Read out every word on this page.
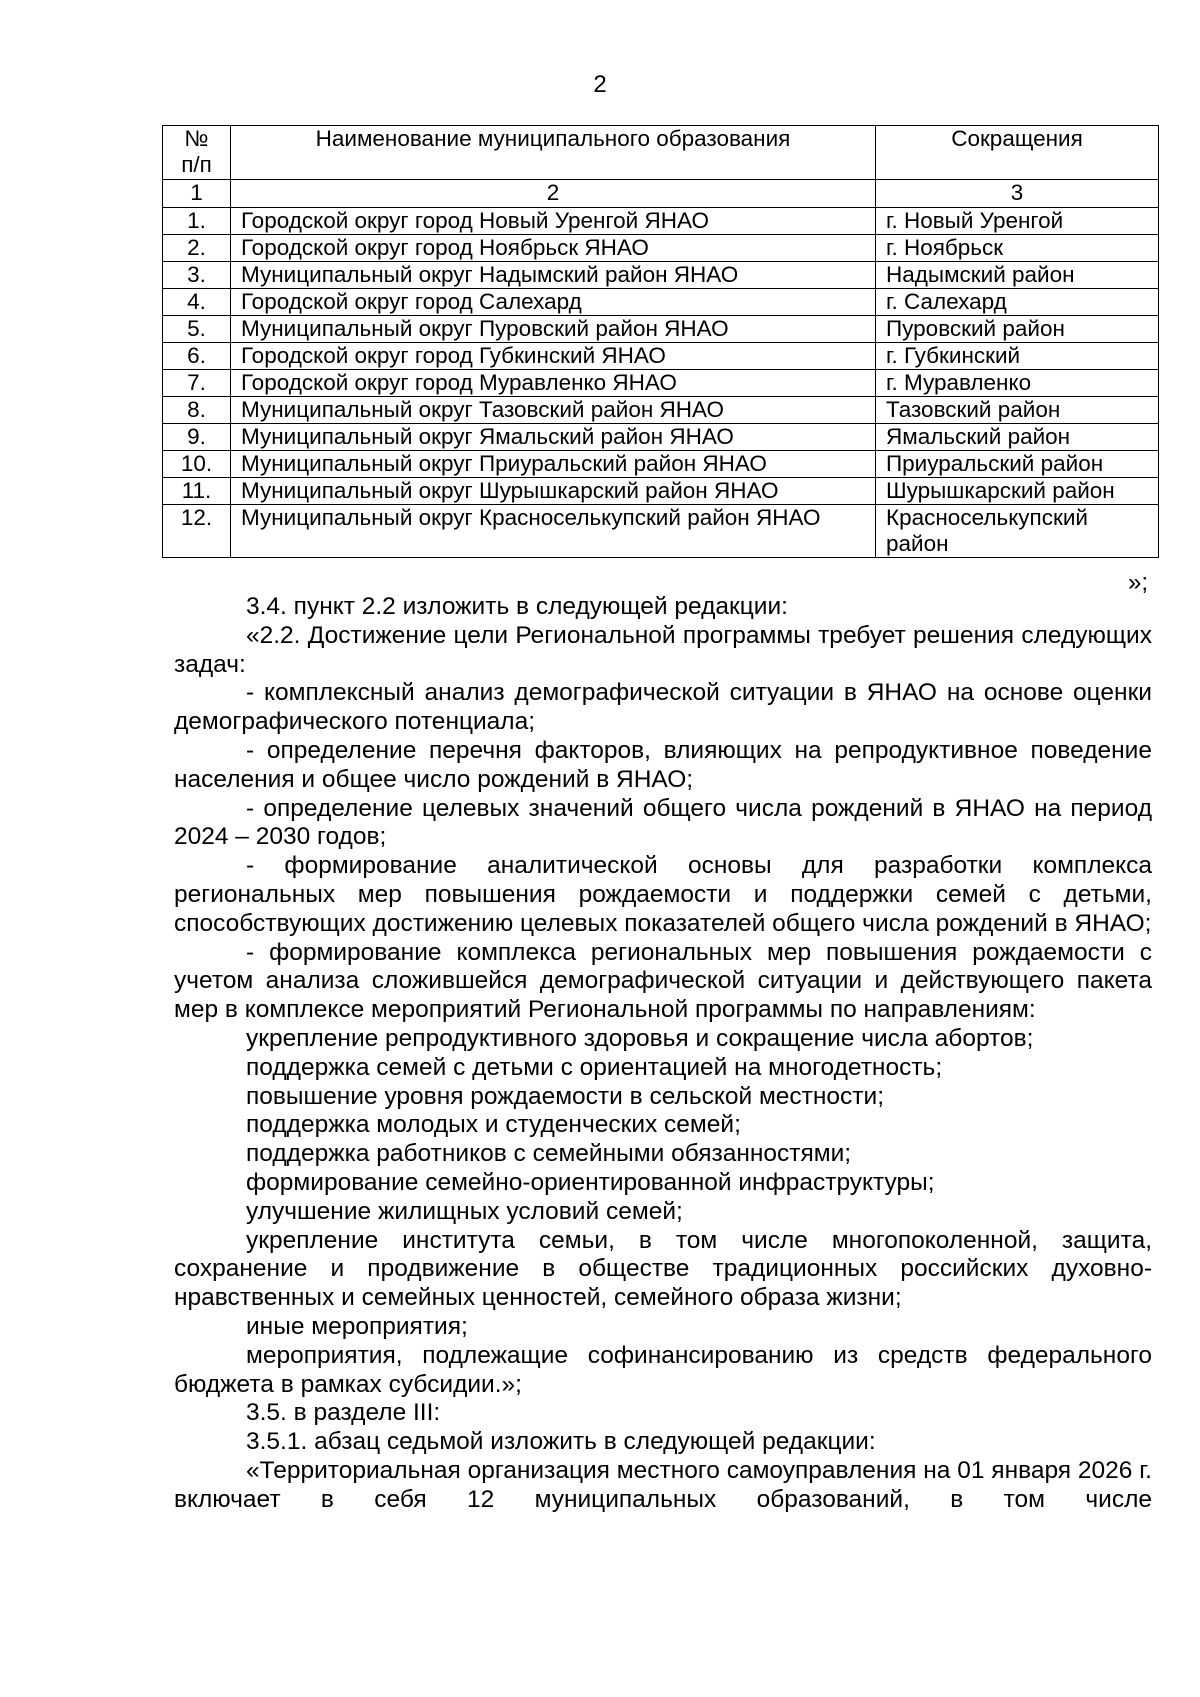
2
№
п/п	Наименование муниципального образования	Сокращения
1	2	3
1.	Городской округ город Новый Уренгой ЯНАО	г. Новый Уренгой
2.	Городской округ город Ноябрьск ЯНАО	г. Ноябрьск
3.	Муниципальный округ Надымский район ЯНАО	Надымский район
4.	Городской округ город Салехард	г. Салехард
5.	Муниципальный округ Пуровский район ЯНАО	Пуровский район
6.	Городской округ город Губкинский ЯНАО	г. Губкинский
7.	Городской округ город Муравленко ЯНАО	г. Муравленко
8.	Муниципальный округ Тазовский район ЯНАО	Тазовский район
9.	Муниципальный округ Ямальский район ЯНАО	Ямальский район
10.	Муниципальный округ Приуральский район ЯНАО	Приуральский район
11.	Муниципальный округ Шурышкарский район ЯНАО	Шурышкарский район
12.	Муниципальный округ Красноселькупский район ЯНАО	Красноселькупский район
»;

3.4. пункт 2.2 изложить в следующей редакции:

«2.2. Достижение цели Региональной программы требует решения следующих задач:

- комплексный анализ демографической ситуации в ЯНАО на основе оценки демографического потенциала;

- определение перечня факторов, влияющих на репродуктивное поведение населения и общее число рождений в ЯНАО;

- определение целевых значений общего числа рождений в ЯНАО на период 2024 – 2030 годов;

- формирование аналитической основы для разработки комплекса региональных мер повышения рождаемости и поддержки семей с детьми, способствующих достижению целевых показателей общего числа рождений в ЯНАО;

- формирование комплекса региональных мер повышения рождаемости с учетом анализа сложившейся демографической ситуации и действующего пакета мер в комплексе мероприятий Региональной программы по направлениям:

укрепление репродуктивного здоровья и сокращение числа абортов;

поддержка семей с детьми с ориентацией на многодетность;

повышение уровня рождаемости в сельской местности;

поддержка молодых и студенческих семей;

поддержка работников с семейными обязанностями;

формирование семейно-ориентированной инфраструктуры;

улучшение жилищных условий семей;

укрепление института семьи, в том числе многопоколенной, защита, сохранение и продвижение в обществе традиционных российских духовно-нравственных и семейных ценностей, семейного образа жизни;

иные мероприятия;

мероприятия, подлежащие софинансированию из средств федерального бюджета в рамках субсидии.»;

3.5. в разделе III:

3.5.1. абзац седьмой изложить в следующей редакции:

«Территориальная организация местного самоуправления на 01 января 2026 г. включает в себя 12 муниципальных образований, в том числе
